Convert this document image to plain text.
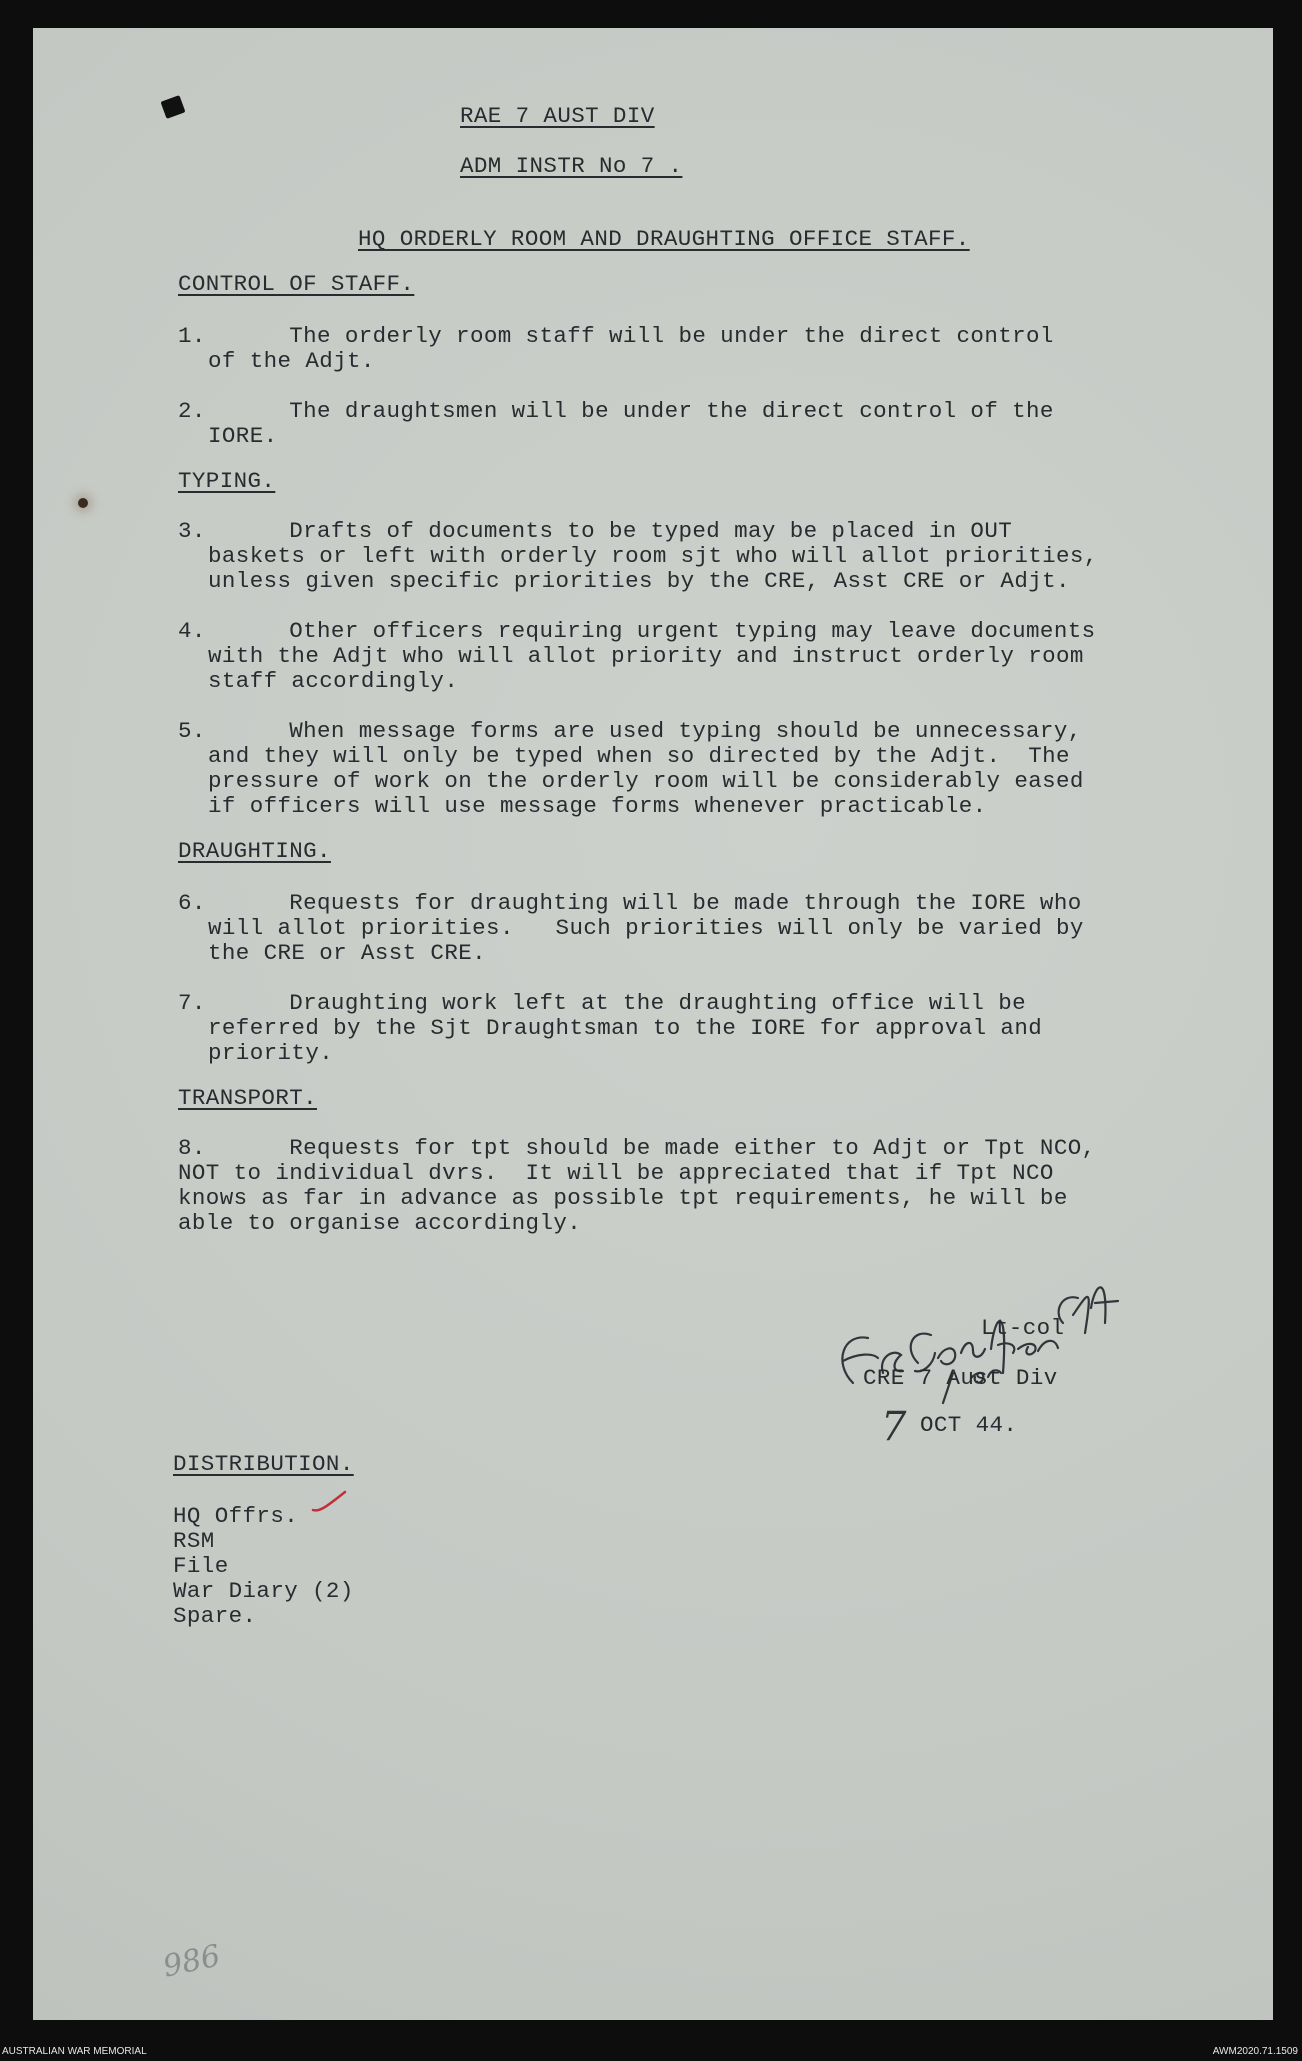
RAE 7 AUST DIV
ADM INSTR No 7 .
HQ ORDERLY ROOM AND DRAUGHTING OFFICE STAFF.
CONTROL OF STAFF.
1.      The orderly room staff will be under the direct control
of the Adjt.
2.      The draughtsmen will be under the direct control of the
IORE.
TYPING.
3.      Drafts of documents to be typed may be placed in OUT
baskets or left with orderly room sjt who will allot priorities,
unless given specific priorities by the CRE, Asst CRE or Adjt.
4.      Other officers requiring urgent typing may leave documents
with the Adjt who will allot priority and instruct orderly room
staff accordingly.
5.      When message forms are used typing should be unnecessary,
and they will only be typed when so directed by the Adjt.  The
pressure of work on the orderly room will be considerably eased
if officers will use message forms whenever practicable.
DRAUGHTING.
6.      Requests for draughting will be made through the IORE who
will allot priorities.   Such priorities will only be varied by
the CRE or Asst CRE.
7.      Draughting work left at the draughting office will be
referred by the Sjt Draughtsman to the IORE for approval and
priority.
TRANSPORT.
8.      Requests for tpt should be made either to Adjt or Tpt NCO,
NOT to individual dvrs.  It will be appreciated that if Tpt NCO
knows as far in advance as possible tpt requirements, he will be
able to organise accordingly.
Lt-col
CRE 7 Aust Div
7 OCT 44.
DISTRIBUTION.
HQ Offrs.
RSM
File
War Diary (2)
Spare.
986
AUSTRALIAN WAR MEMORIAL	AWM2020.71.1509
